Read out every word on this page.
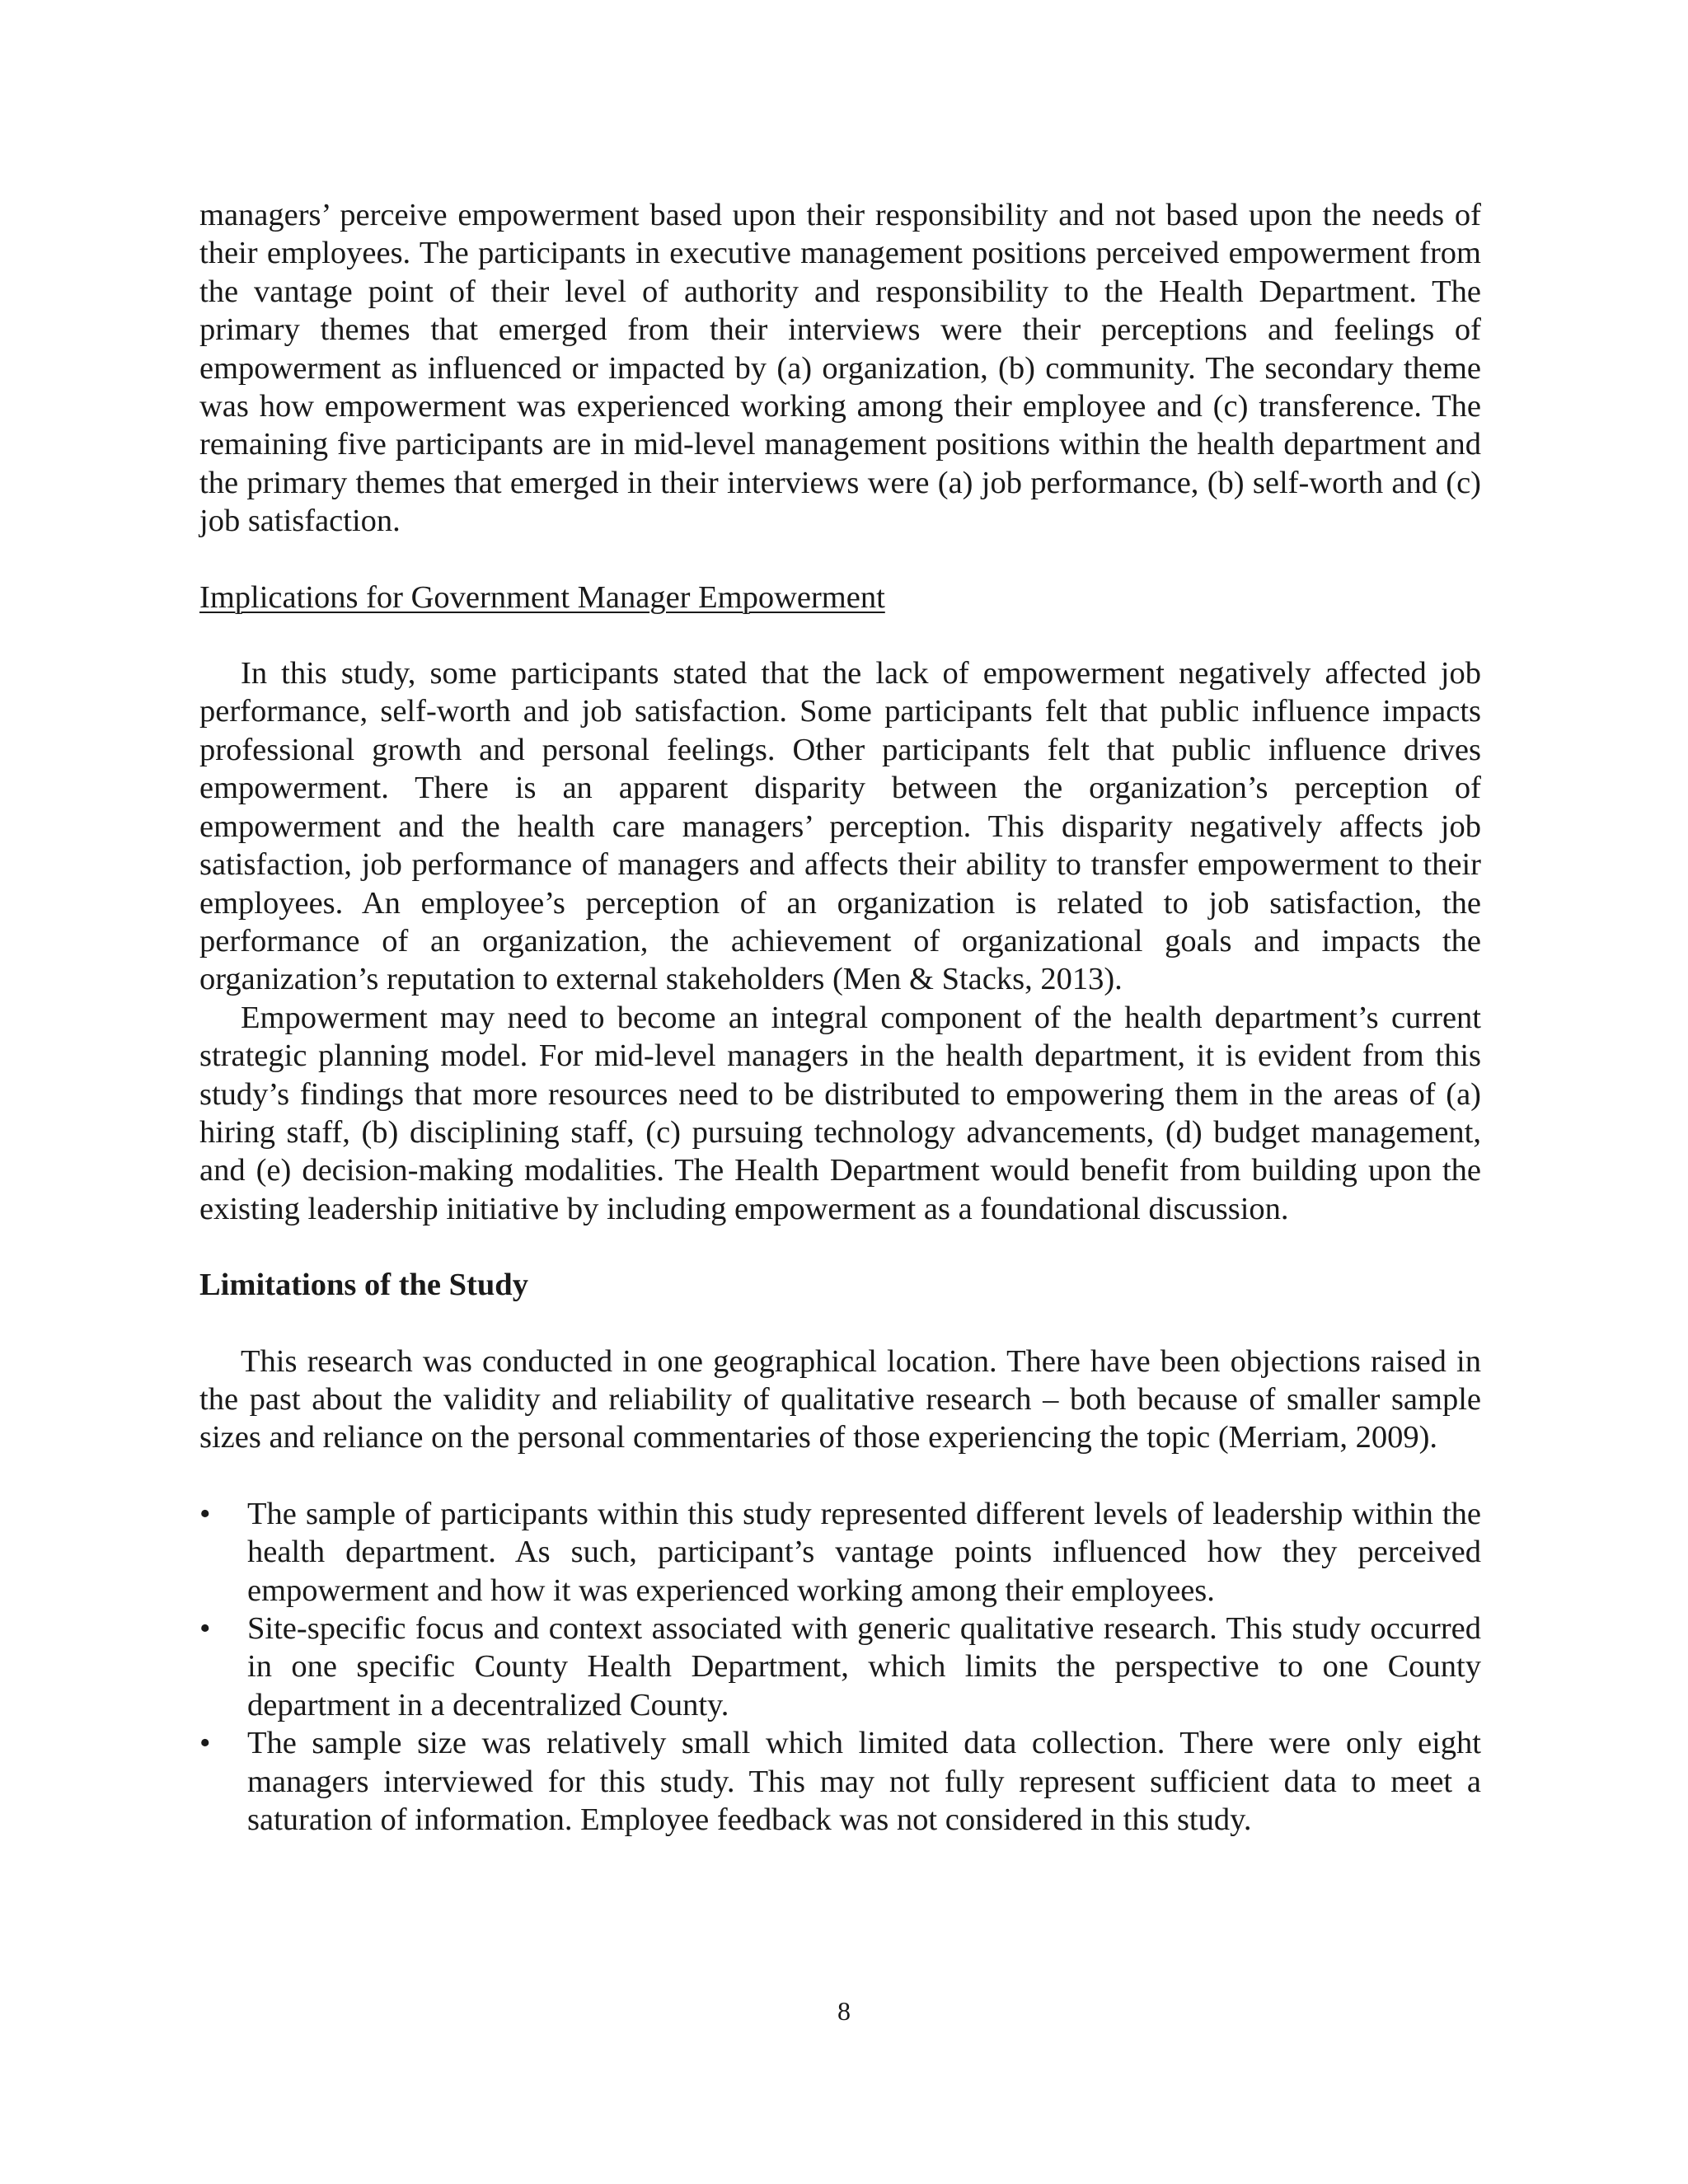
managers’ perceive empowerment based upon their responsibility and not based upon the needs of their employees. The participants in executive management positions perceived empowerment from the vantage point of their level of authority and responsibility to the Health Department. The primary themes that emerged from their interviews were their perceptions and feelings of empowerment as influenced or impacted by (a) organization, (b) community. The secondary theme was how empowerment was experienced working among their employee and (c) transference. The remaining five participants are in mid-level management positions within the health department and the primary themes that emerged in their interviews were (a) job performance, (b) self-worth and (c) job satisfaction.

Implications for Government Manager Empowerment

In this study, some participants stated that the lack of empowerment negatively affected job performance, self-worth and job satisfaction. Some participants felt that public influence impacts professional growth and personal feelings. Other participants felt that public influence drives empowerment. There is an apparent disparity between the organization’s perception of empowerment and the health care managers’ perception. This disparity negatively affects job satisfaction, job performance of managers and affects their ability to transfer empowerment to their employees. An employee’s perception of an organization is related to job satisfaction, the performance of an organization, the achievement of organizational goals and impacts the organization’s reputation to external stakeholders (Men & Stacks, 2013).

Empowerment may need to become an integral component of the health department’s current strategic planning model. For mid-level managers in the health department, it is evident from this study’s findings that more resources need to be distributed to empowering them in the areas of (a) hiring staff, (b) disciplining staff, (c) pursuing technology advancements, (d) budget management, and (e) decision-making modalities. The Health Department would benefit from building upon the existing leadership initiative by including empowerment as a foundational discussion.

Limitations of the Study

This research was conducted in one geographical location. There have been objections raised in the past about the validity and reliability of qualitative research – both because of smaller sample sizes and reliance on the personal commentaries of those experiencing the topic (Merriam, 2009).

• The sample of participants within this study represented different levels of leadership within the health department. As such, participant’s vantage points influenced how they perceived empowerment and how it was experienced working among their employees.
• Site-specific focus and context associated with generic qualitative research. This study occurred in one specific County Health Department, which limits the perspective to one County department in a decentralized County.
• The sample size was relatively small which limited data collection. There were only eight managers interviewed for this study. This may not fully represent sufficient data to meet a saturation of information. Employee feedback was not considered in this study.
8
